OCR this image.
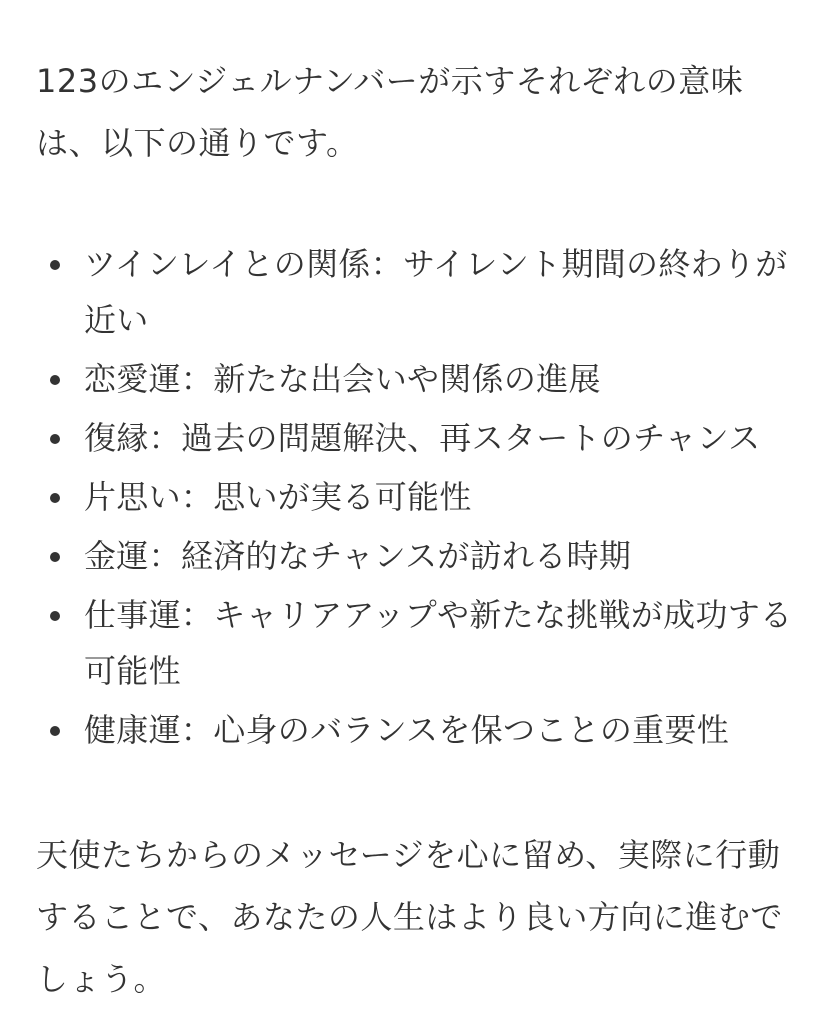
123のエンジェルナンバーが示すそれぞれの意味は、以下の通りです。

ツインレイとの関係：サイレント期間の終わりが近い
恋愛運：新たな出会いや関係の進展
復縁：過去の問題解決、再スタートのチャンス
片思い：思いが実る可能性
金運：経済的なチャンスが訪れる時期
仕事運：キャリアアップや新たな挑戦が成功する可能性
健康運：心身のバランスを保つことの重要性

天使たちからのメッセージを心に留め、実際に行動することで、あなたの人生はより良い方向に進むでしょう。
